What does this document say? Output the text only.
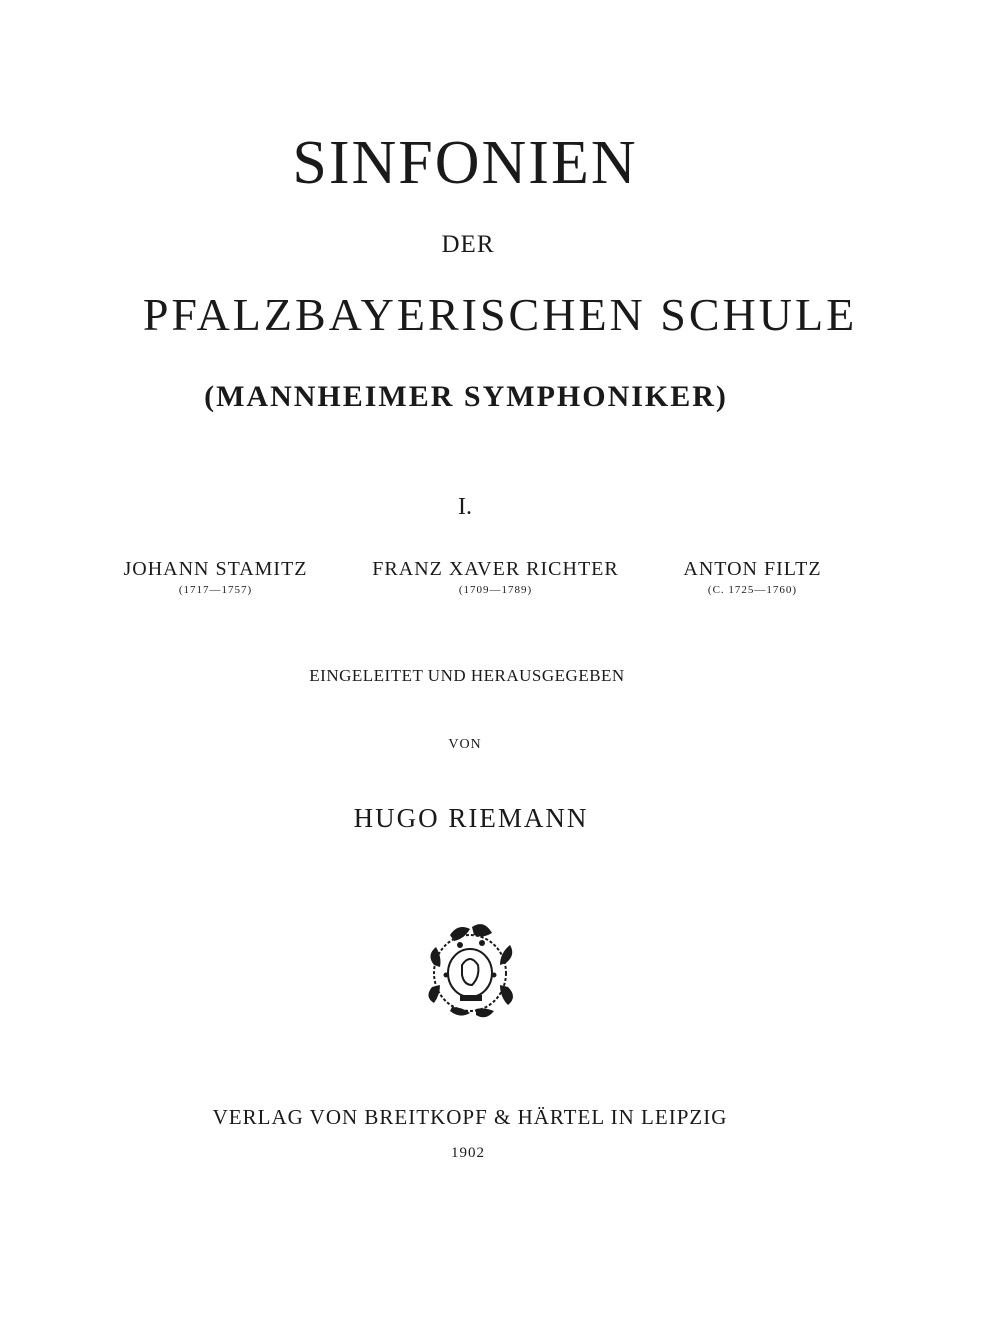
SINFONIEN
DER
PFALZBAYERISCHEN SCHULE
(MANNHEIMER SYMPHONIKER)
I.
JOHANN STAMITZ
(1717—1757)
FRANZ XAVER RICHTER
(1709—1789)
ANTON FILTZ
(C. 1725—1760)
EINGELEITET UND HERAUSGEGEBEN
VON
HUGO RIEMANN
VERLAG VON BREITKOPF & HÄRTEL IN LEIPZIG
1902
